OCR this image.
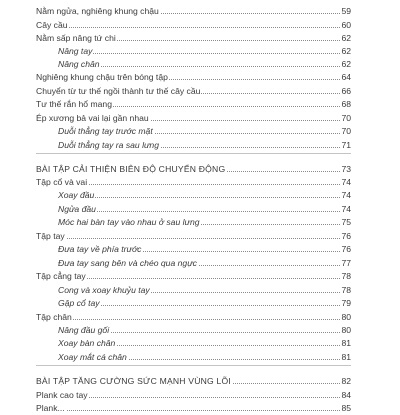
Nằm ngửa, nghiêng khung chậu	59
Cây cầu	60
Nằm sấp nâng tứ chi	62
Nâng tay	62
Nâng chân	62
Nghiêng khung chậu trên bóng tập	64
Chuyển từ tư thế ngồi thành tư thế cây cầu	66
Tư thế rắn hổ mang	68
Ép xương bả vai lại gần nhau	70
Duỗi thẳng tay trước mặt	70
Duỗi thẳng tay ra sau lưng	71
BÀI TẬP CẢI THIỆN BIÊN ĐỘ CHUYỂN ĐỘNG	73
Tập cổ và vai	74
Xoay đầu	74
Ngửa đầu	74
Móc hai bàn tay vào nhau ở sau lưng	75
Tập tay	76
Đưa tay về phía trước	76
Đưa tay sang bên và chéo qua ngực	77
Tập cẳng tay	78
Cong và xoay khuỷu tay	78
Gập cổ tay	79
Tập chân	80
Nâng đầu gối	80
Xoay bàn chân	81
Xoay mắt cá chân	81
BÀI TẬP TĂNG CƯỜNG SỨC MẠNH VÙNG LÕI	82
Plank cao tay	84
Plank...	85
